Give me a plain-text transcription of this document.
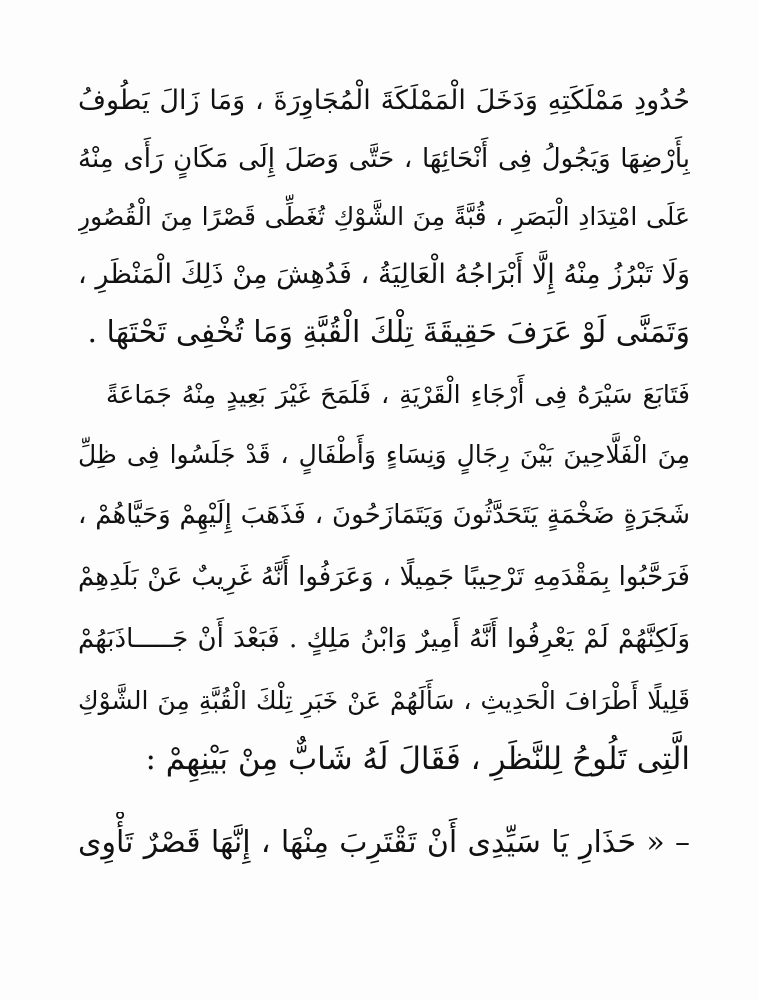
حُدُودِ مَمْلَكَتِهِ وَدَخَلَ الْمَمْلَكَةَ الْمُجَاوِرَةَ ، وَمَا زَالَ يَطُوفُ
بِأَرْضِهَا وَيَجُولُ فِى أَنْحَائِهَا ، حَتَّى وَصَلَ إِلَى مَكَانٍ رَأَى مِنْهُ
عَلَى امْتِدَادِ الْبَصَرِ ، قُبَّةً مِنَ الشَّوْكِ تُغَطِّى قَصْرًا مِنَ الْقُصُورِ
وَلَا تَبْرُزُ مِنْهُ إِلَّا أَبْرَاجُهُ الْعَالِيَةُ ، فَدُهِشَ مِنْ ذَلِكَ الْمَنْظَرِ ،
وَتَمَنَّى لَوْ عَرَفَ حَقِيقَةَ تِلْكَ الْقُبَّةِ وَمَا تُخْفِى تَحْتَهَا .
فَتَابَعَ سَيْرَهُ فِى أَرْجَاءِ الْقَرْيَةِ ، فَلَمَحَ غَيْرَ بَعِيدٍ مِنْهُ جَمَاعَةً
مِنَ الْفَلَّاحِينَ بَيْنَ رِجَالٍ وَنِسَاءٍ وَأَطْفَالٍ ، قَدْ جَلَسُوا فِى ظِلِّ
شَجَرَةٍ ضَخْمَةٍ يَتَحَدَّثُونَ وَيَتَمَازَحُونَ ، فَذَهَبَ إِلَيْهِمْ وَحَيَّاهُمْ ،
فَرَحَّبُوا بِمَقْدَمِهِ تَرْحِيبًا جَمِيلًا ، وَعَرَفُوا أَنَّهُ غَرِيبٌ عَنْ بَلَدِهِمْ
وَلَكِنَّهُمْ لَمْ يَعْرِفُوا أَنَّهُ أَمِيرٌ وَابْنُ مَلِكٍ . فَبَعْدَ أَنْ جَـــــاذَبَهُمْ
قَلِيلًا أَطْرَافَ الْحَدِيثِ ، سَأَلَهُمْ عَنْ خَبَرِ تِلْكَ الْقُبَّةِ مِنَ الشَّوْكِ
الَّتِى تَلُوحُ لِلنَّظَرِ ، فَقَالَ لَهُ شَابٌّ مِنْ بَيْنِهِمْ :
– « حَذَارِ يَا سَيِّدِى أَنْ تَقْتَرِبَ مِنْهَا ، إِنَّهَا قَصْرٌ تَأْوِى
